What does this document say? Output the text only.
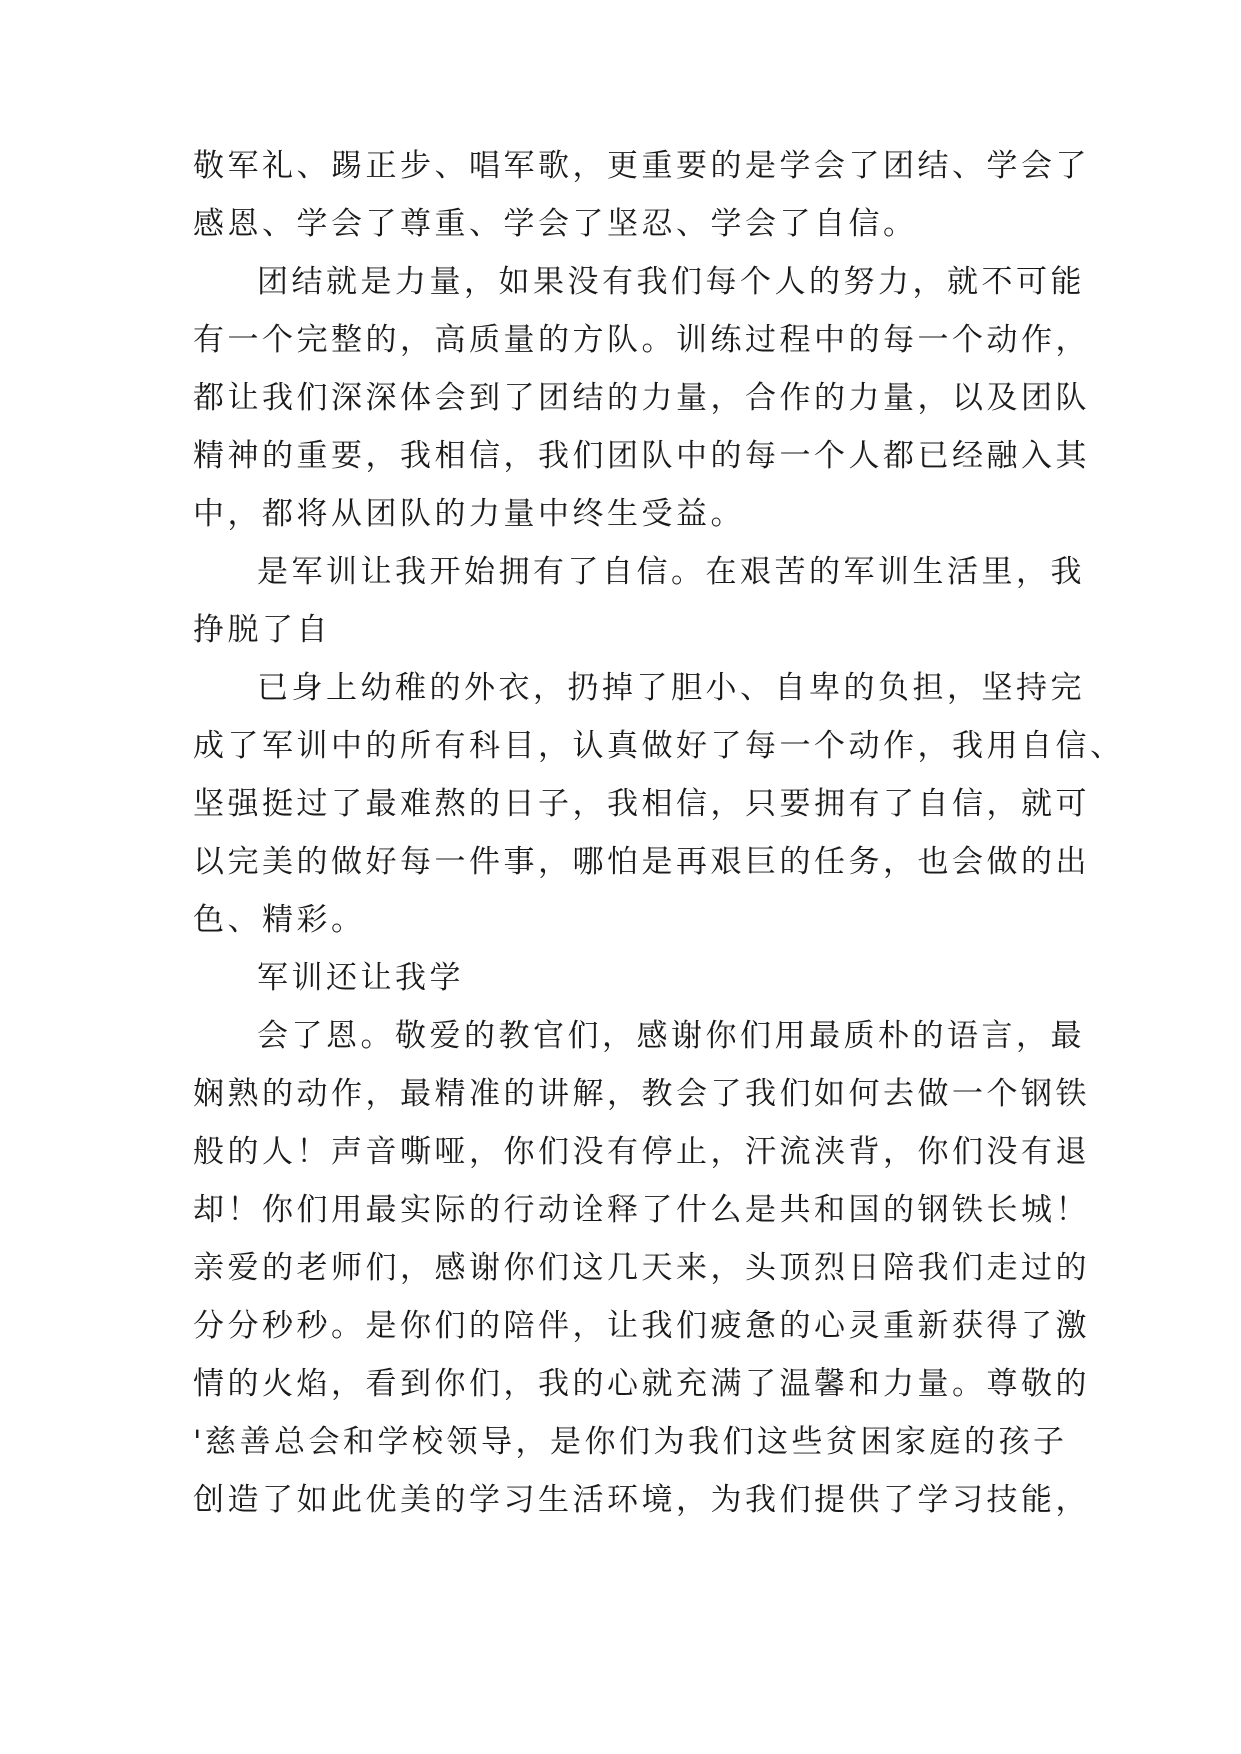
敬军礼、踢正步、唱军歌，更重要的是学会了团结、学会了
感恩、学会了尊重、学会了坚忍、学会了自信。
团结就是力量，如果没有我们每个人的努力，就不可能
有一个完整的，高质量的方队。训练过程中的每一个动作，
都让我们深深体会到了团结的力量，合作的力量，以及团队
精神的重要，我相信，我们团队中的每一个人都已经融入其
中，都将从团队的力量中终生受益。
是军训让我开始拥有了自信。在艰苦的军训生活里，我
挣脱了自
已身上幼稚的外衣，扔掉了胆小、自卑的负担，坚持完
成了军训中的所有科目，认真做好了每一个动作，我用自信、
坚强挺过了最难熬的日子，我相信，只要拥有了自信，就可
以完美的做好每一件事，哪怕是再艰巨的任务，也会做的出
色、精彩。
军训还让我学
会了恩。敬爱的教官们，感谢你们用最质朴的语言，最
娴熟的动作，最精准的讲解，教会了我们如何去做一个钢铁
般的人！声音嘶哑，你们没有停止，汗流浃背，你们没有退
却！你们用最实际的行动诠释了什么是共和国的钢铁长城！
亲爱的老师们，感谢你们这几天来，头顶烈日陪我们走过的
分分秒秒。是你们的陪伴，让我们疲惫的心灵重新获得了激
情的火焰，看到你们，我的心就充满了温馨和力量。尊敬的
'慈善总会和学校领导，是你们为我们这些贫困家庭的孩子
创造了如此优美的学习生活环境，为我们提供了学习技能，
